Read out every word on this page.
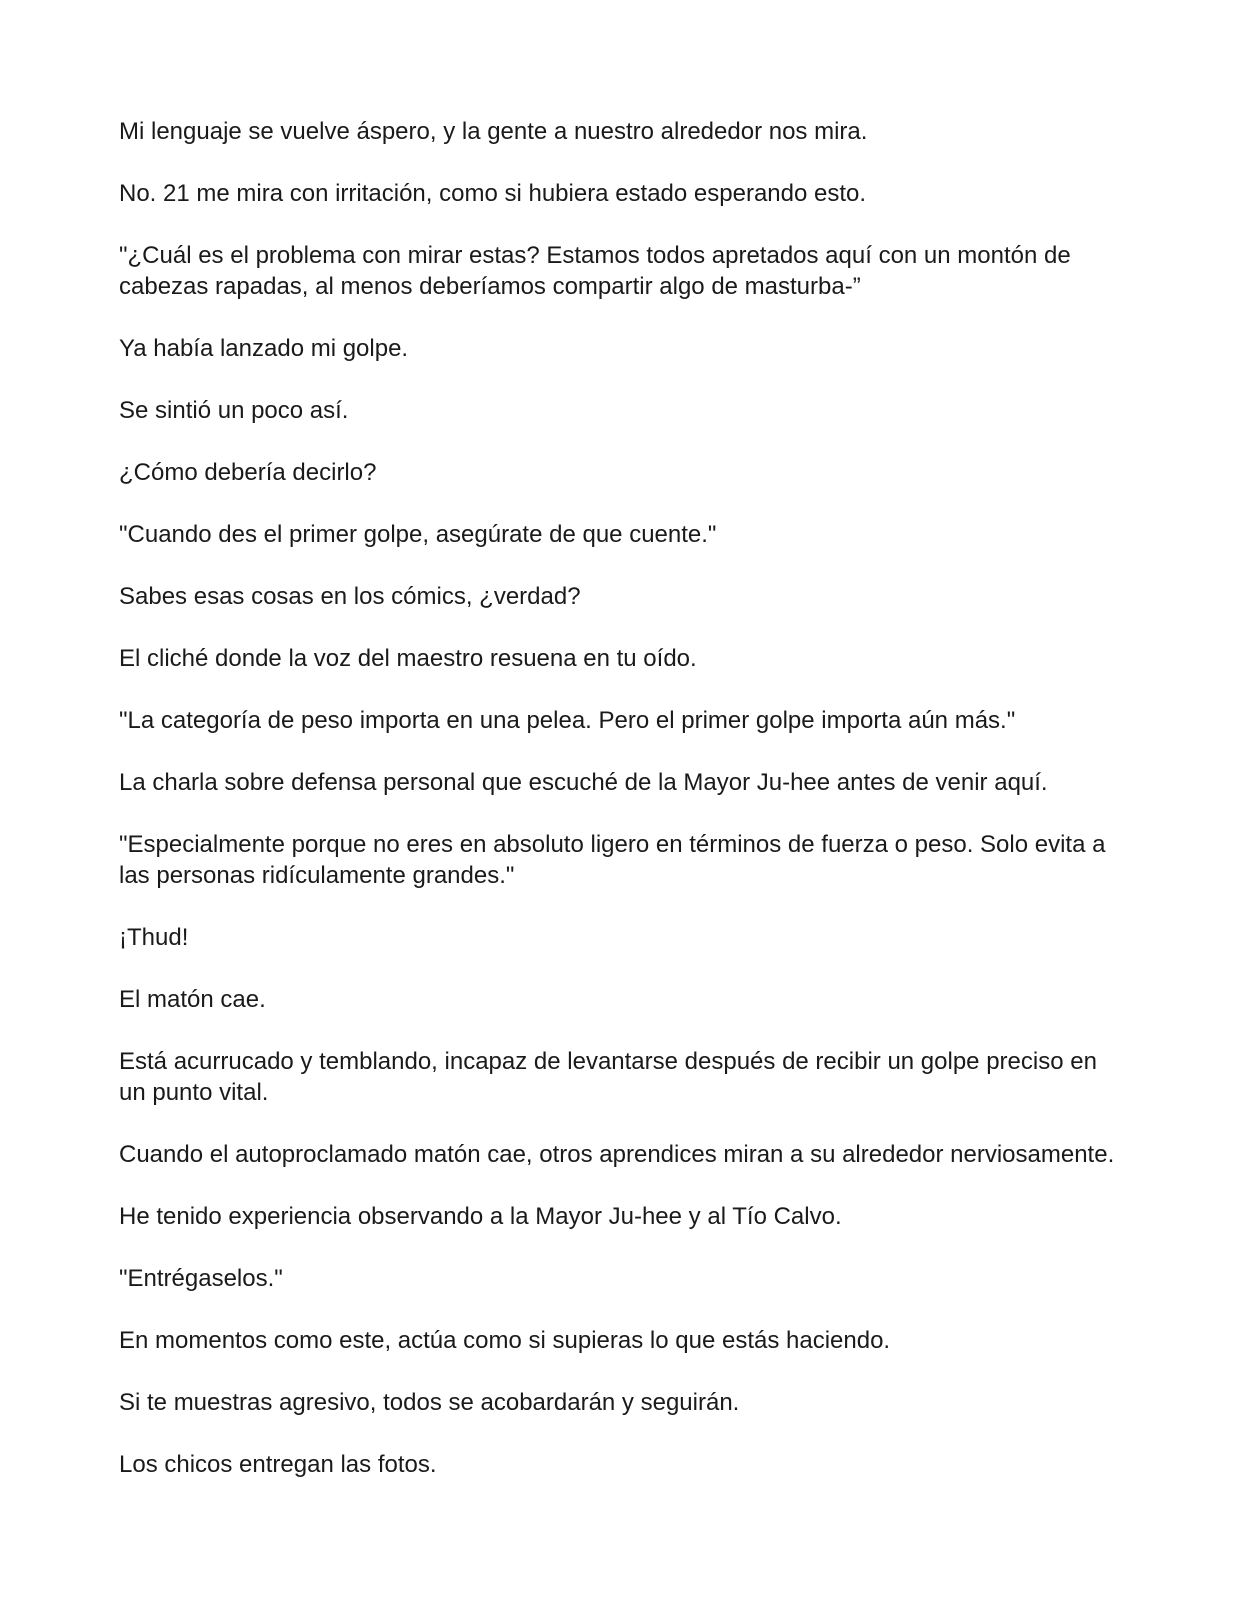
Mi lenguaje se vuelve áspero, y la gente a nuestro alrededor nos mira.

No. 21 me mira con irritación, como si hubiera estado esperando esto.

"¿Cuál es el problema con mirar estas? Estamos todos apretados aquí con un montón de cabezas rapadas, al menos deberíamos compartir algo de masturba-”

Ya había lanzado mi golpe.

Se sintió un poco así.

¿Cómo debería decirlo?

"Cuando des el primer golpe, asegúrate de que cuente."

Sabes esas cosas en los cómics, ¿verdad?

El cliché donde la voz del maestro resuena en tu oído.

"La categoría de peso importa en una pelea. Pero el primer golpe importa aún más."

La charla sobre defensa personal que escuché de la Mayor Ju-hee antes de venir aquí.

"Especialmente porque no eres en absoluto ligero en términos de fuerza o peso. Solo evita a las personas ridículamente grandes."

¡Thud!

El matón cae.

Está acurrucado y temblando, incapaz de levantarse después de recibir un golpe preciso en un punto vital.

Cuando el autoproclamado matón cae, otros aprendices miran a su alrededor nerviosamente.

He tenido experiencia observando a la Mayor Ju-hee y al Tío Calvo.

"Entrégaselos."

En momentos como este, actúa como si supieras lo que estás haciendo.

Si te muestras agresivo, todos se acobardarán y seguirán.

Los chicos entregan las fotos.
